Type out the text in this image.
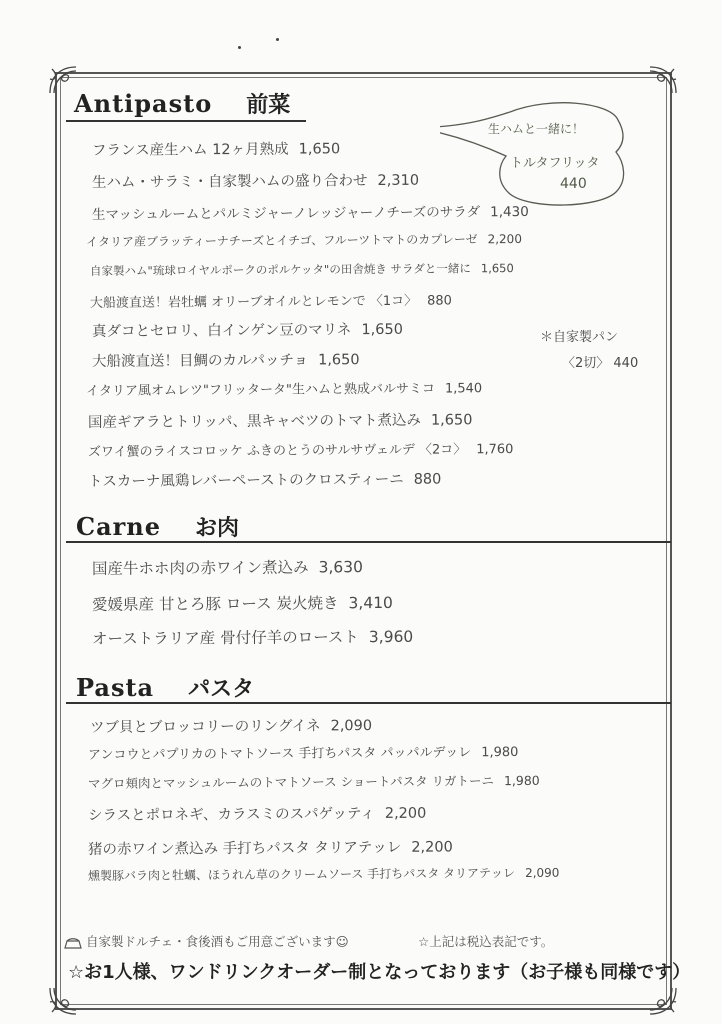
Antipasto 前菜
生ハムと一緒に！
トルタフリッタ
440
フランス産生ハム 12ヶ月熟成 1,650
生ハム・サラミ・自家製ハムの盛り合わせ 2,310
生マッシュルームとパルミジャーノレッジャーノチーズのサラダ 1,430
イタリア産ブラッティーナチーズとイチゴ、フルーツトマトのカプレーゼ 2,200
自家製ハム"琉球ロイヤルポークのポルケッタ"の田舎焼き サラダと一緒に 1,650
大船渡直送！岩牡蠣 オリーブオイルとレモンで 〈1コ〉 880
真ダコとセロリ、白インゲン豆のマリネ 1,650
大船渡直送！目鯛のカルパッチョ 1,650
イタリア風オムレツ"フリッタータ"生ハムと熟成バルサミコ 1,540
国産ギアラとトリッパ、黒キャベツのトマト煮込み 1,650
ズワイ蟹のライスコロッケ ふきのとうのサルサヴェルデ 〈2コ〉 1,760
トスカーナ風鶏レバーペーストのクロスティーニ 880
＊自家製パン
〈2切〉 440
Carne お肉
国産牛ホホ肉の赤ワイン煮込み 3,630
愛媛県産 甘とろ豚 ロース 炭火焼き 3,410
オーストラリア産 骨付仔羊のロースト 3,960
Pasta パスタ
ツブ貝とブロッコリーのリングイネ 2,090
アンコウとパプリカのトマトソース 手打ちパスタ パッパルデッレ 1,980
マグロ頬肉とマッシュルームのトマトソース ショートパスタ リガトーニ 1,980
シラスとポロネギ、カラスミのスパゲッティ 2,200
猪の赤ワイン煮込み 手打ちパスタ タリアテッレ 2,200
燻製豚バラ肉と牡蠣、ほうれん草のクリームソース 手打ちパスタ タリアテッレ 2,090
自家製ドルチェ・食後酒もご用意ございます☺	☆上記は税込表記です。
☆お1人様、ワンドリンクオーダー制となっております（お子様も同様です）
